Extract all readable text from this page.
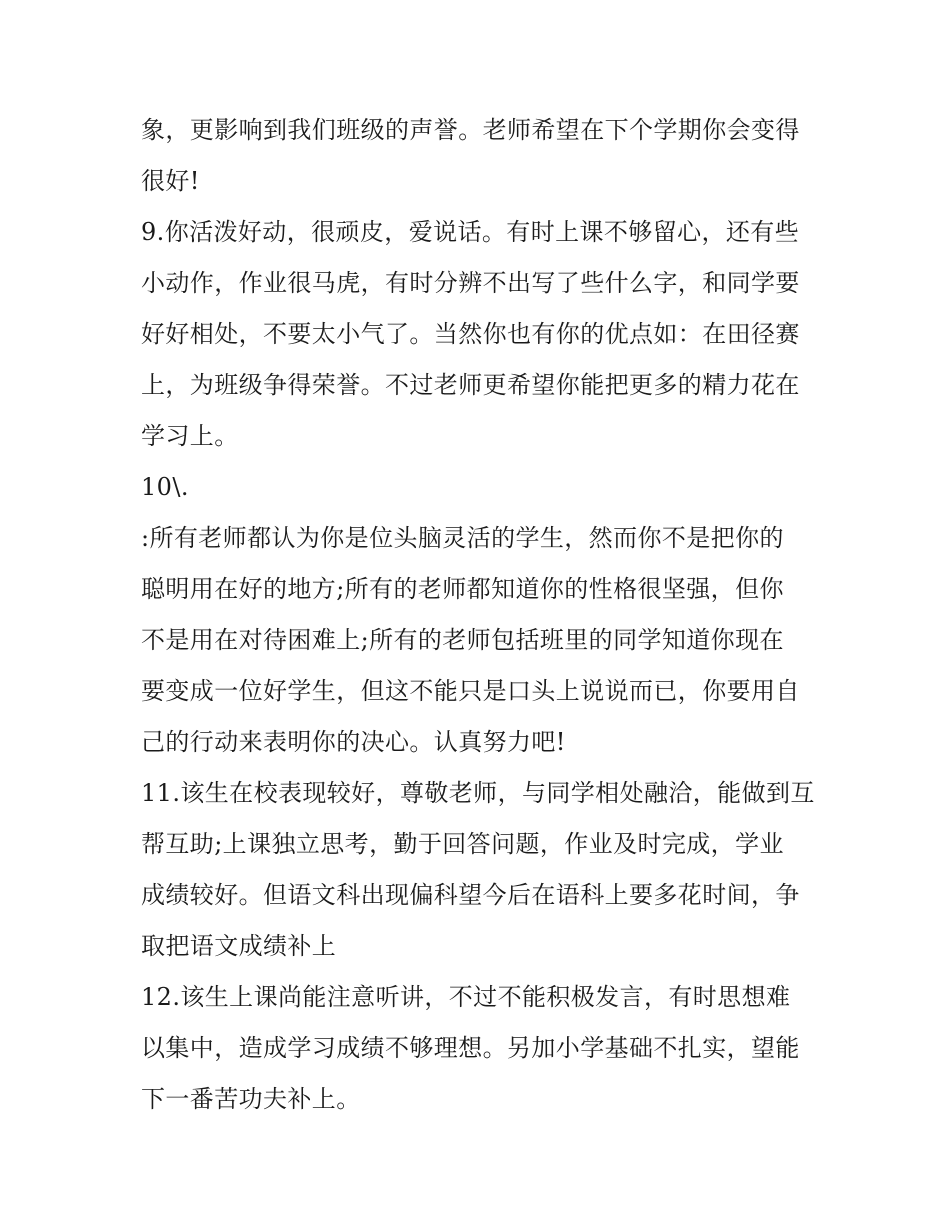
象，更影响到我们班级的声誉。老师希望在下个学期你会变得
很好!
9.你活泼好动，很顽皮，爱说话。有时上课不够留心，还有些
小动作，作业很马虎，有时分辨不出写了些什么字，和同学要
好好相处，不要太小气了。当然你也有你的优点如：在田径赛
上，为班级争得荣誉。不过老师更希望你能把更多的精力花在
学习上。
10\.
:所有老师都认为你是位头脑灵活的学生，然而你不是把你的
聪明用在好的地方;所有的老师都知道你的性格很坚强，但你
不是用在对待困难上;所有的老师包括班里的同学知道你现在
要变成一位好学生，但这不能只是口头上说说而已，你要用自
己的行动来表明你的决心。认真努力吧!
11.该生在校表现较好，尊敬老师，与同学相处融洽，能做到互
帮互助;上课独立思考，勤于回答问题，作业及时完成，学业
成绩较好。但语文科出现偏科望今后在语科上要多花时间，争
取把语文成绩补上
12.该生上课尚能注意听讲，不过不能积极发言，有时思想难
以集中，造成学习成绩不够理想。另加小学基础不扎实，望能
下一番苦功夫补上。
